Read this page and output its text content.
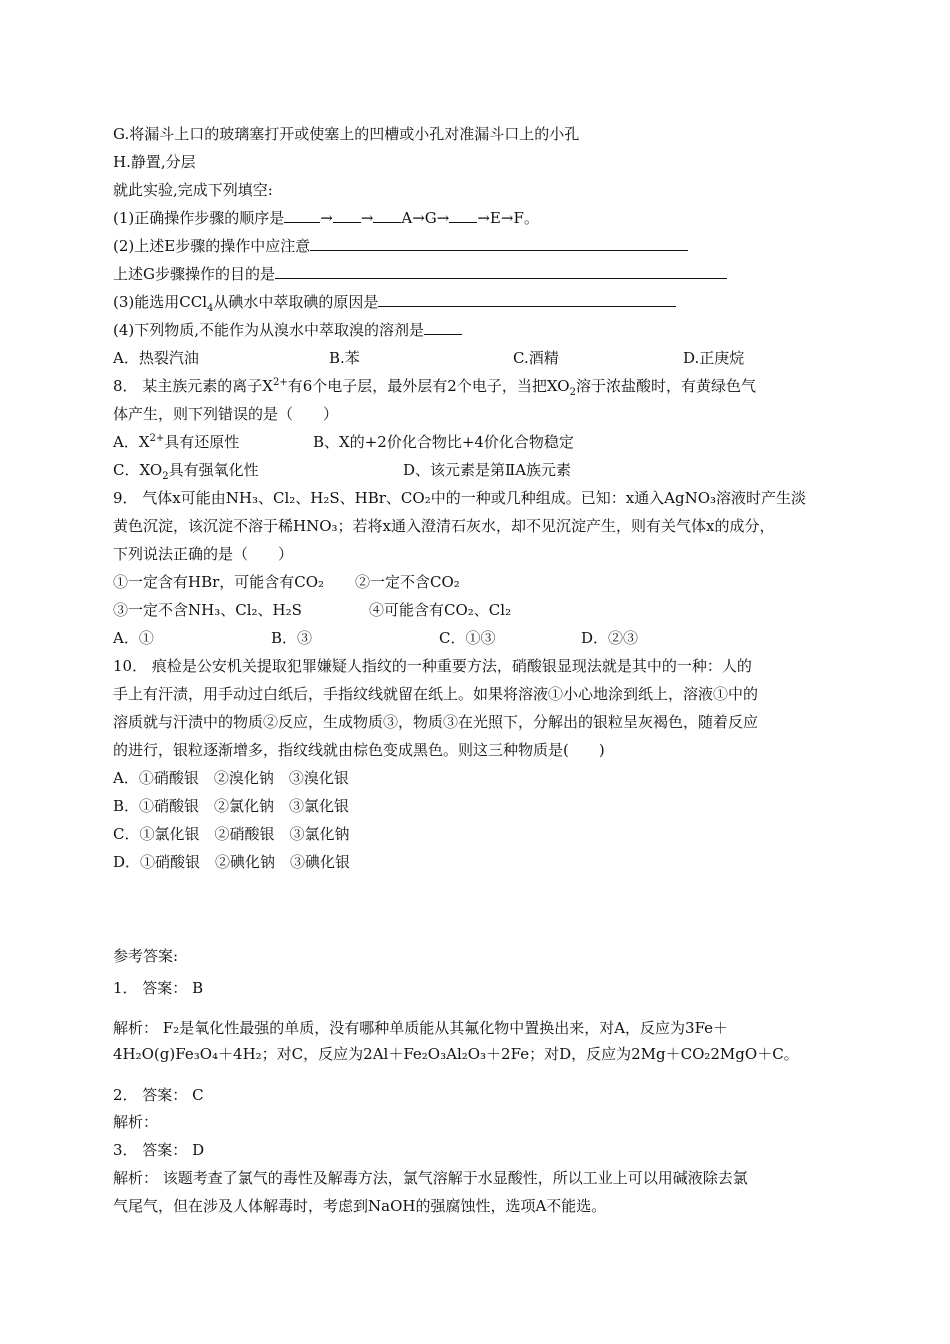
G.将漏斗上口的玻璃塞打开或使塞上的凹槽或小孔对准漏斗口上的小孔
H.静置,分层
就此实验,完成下列填空:
(1)正确操作步骤的顺序是 → → A→G→ →E→F。
(2)上述E步骤的操作中应注意
上述G步骤操作的目的是
(3)能选用CCl$_4$从碘水中萃取碘的原因是
(4)下列物质,不能作为从溴水中萃取溴的溶剂是
A．热裂汽油	B.苯	C.酒精	D.正庚烷
8． 某主族元素的离子$X^{2+}$有6个电子层，最外层有2个电子，当把$XO_2$溶于浓盐酸时，有黄绿色气
体产生，则下列错误的是（　　）
A．$X^{2+}$具有还原性	B、X的+2价化合物比+4价化合物稳定
C．$XO_2$具有强氧化性	D、该元素是第ⅡA族元素
9． 气体x可能由NH₃、Cl₂、H₂S、HBr、CO₂中的一种或几种组成。已知：x通入AgNO₃溶液时产生淡
黄色沉淀，该沉淀不溶于稀HNO₃；若将x通入澄清石灰水，却不见沉淀产生，则有关气体x的成分，
下列说法正确的是（　　）
①一定含有HBr，可能含有CO₂ ②一定不含CO₂
③一定不含NH₃、Cl₂、H₂S	④可能含有CO₂、Cl₂
A．①	B．③	C．①③	D．②③
10． 痕检是公安机关提取犯罪嫌疑人指纹的一种重要方法，硝酸银显现法就是其中的一种：人的
手上有汗渍，用手动过白纸后，手指纹线就留在纸上。如果将溶液①小心地涂到纸上，溶液①中的
溶质就与汗渍中的物质②反应，生成物质③，物质③在光照下，分解出的银粒呈灰褐色，随着反应
的进行，银粒逐渐增多，指纹线就由棕色变成黑色。则这三种物质是(　　)
A．①硝酸银　②溴化钠　③溴化银
B．①硝酸银　②氯化钠　③氯化银
C．①氯化银　②硝酸银　③氯化钠
D．①硝酸银　②碘化钠　③碘化银
参考答案:
1． 答案： B
解析： F₂是氧化性最强的单质，没有哪种单质能从其氟化物中置换出来，对A，反应为3Fe＋
4H₂O(g)Fe₃O₄＋4H₂；对C，反应为2Al＋Fe₂O₃Al₂O₃＋2Fe；对D，反应为2Mg＋CO₂2MgO＋C。
2． 答案： C
解析：
3． 答案： D
解析： 该题考查了氯气的毒性及解毒方法，氯气溶解于水显酸性，所以工业上可以用碱液除去氯
气尾气，但在涉及人体解毒时，考虑到NaOH的强腐蚀性，选项A不能选。
